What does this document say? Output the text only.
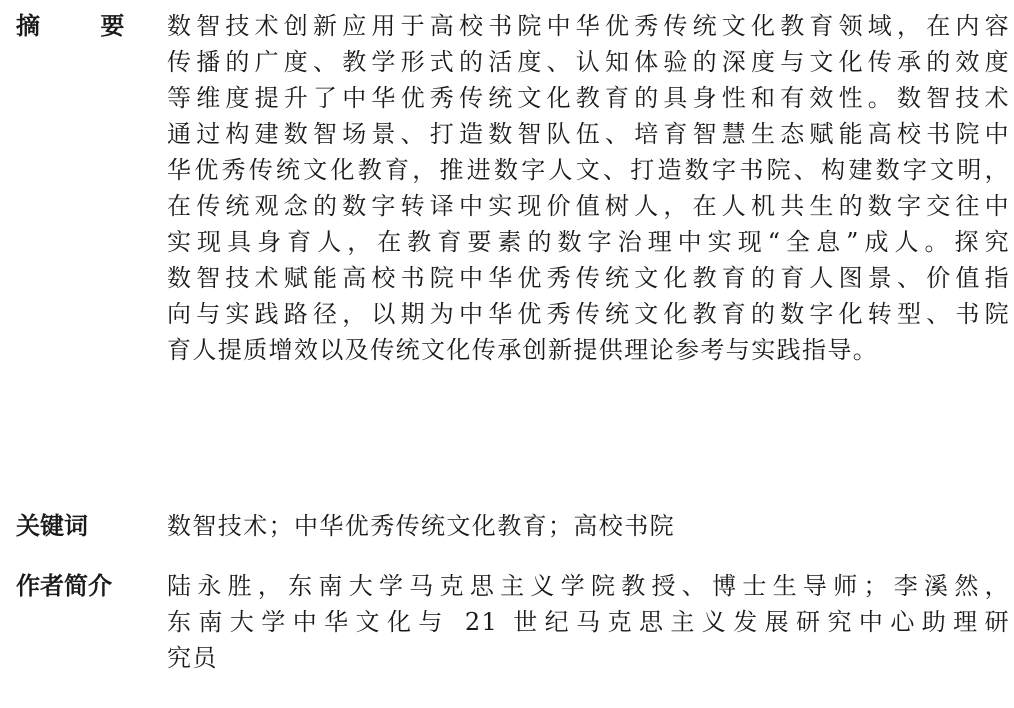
摘 要 数智技术创新应用于高校书院中华优秀传统文化教育领域，在内容
传播的广度、教学形式的活度、认知体验的深度与文化传承的效度
等维度提升了中华优秀传统文化教育的具身性和有效性。数智技术
通过构建数智场景、打造数智队伍、培育智慧生态赋能高校书院中
华优秀传统文化教育，推进数字人文、打造数字书院、构建数字文明，
在传统观念的数字转译中实现价值树人，在人机共生的数字交往中
实现具身育人，在教育要素的数字治理中实现“全息”成人。探究
数智技术赋能高校书院中华优秀传统文化教育的育人图景、价值指
向与实践路径，以期为中华优秀传统文化教育的数字化转型、书院
育人提质增效以及传统文化传承创新提供理论参考与实践指导。
关键词	数智技术；中华优秀传统文化教育；高校书院
作者简介 陆永胜，东南大学马克思主义学院教授、博士生导师；李溪然，
东南大学中华文化与 21 世纪马克思主义发展研究中心助理研
究员
